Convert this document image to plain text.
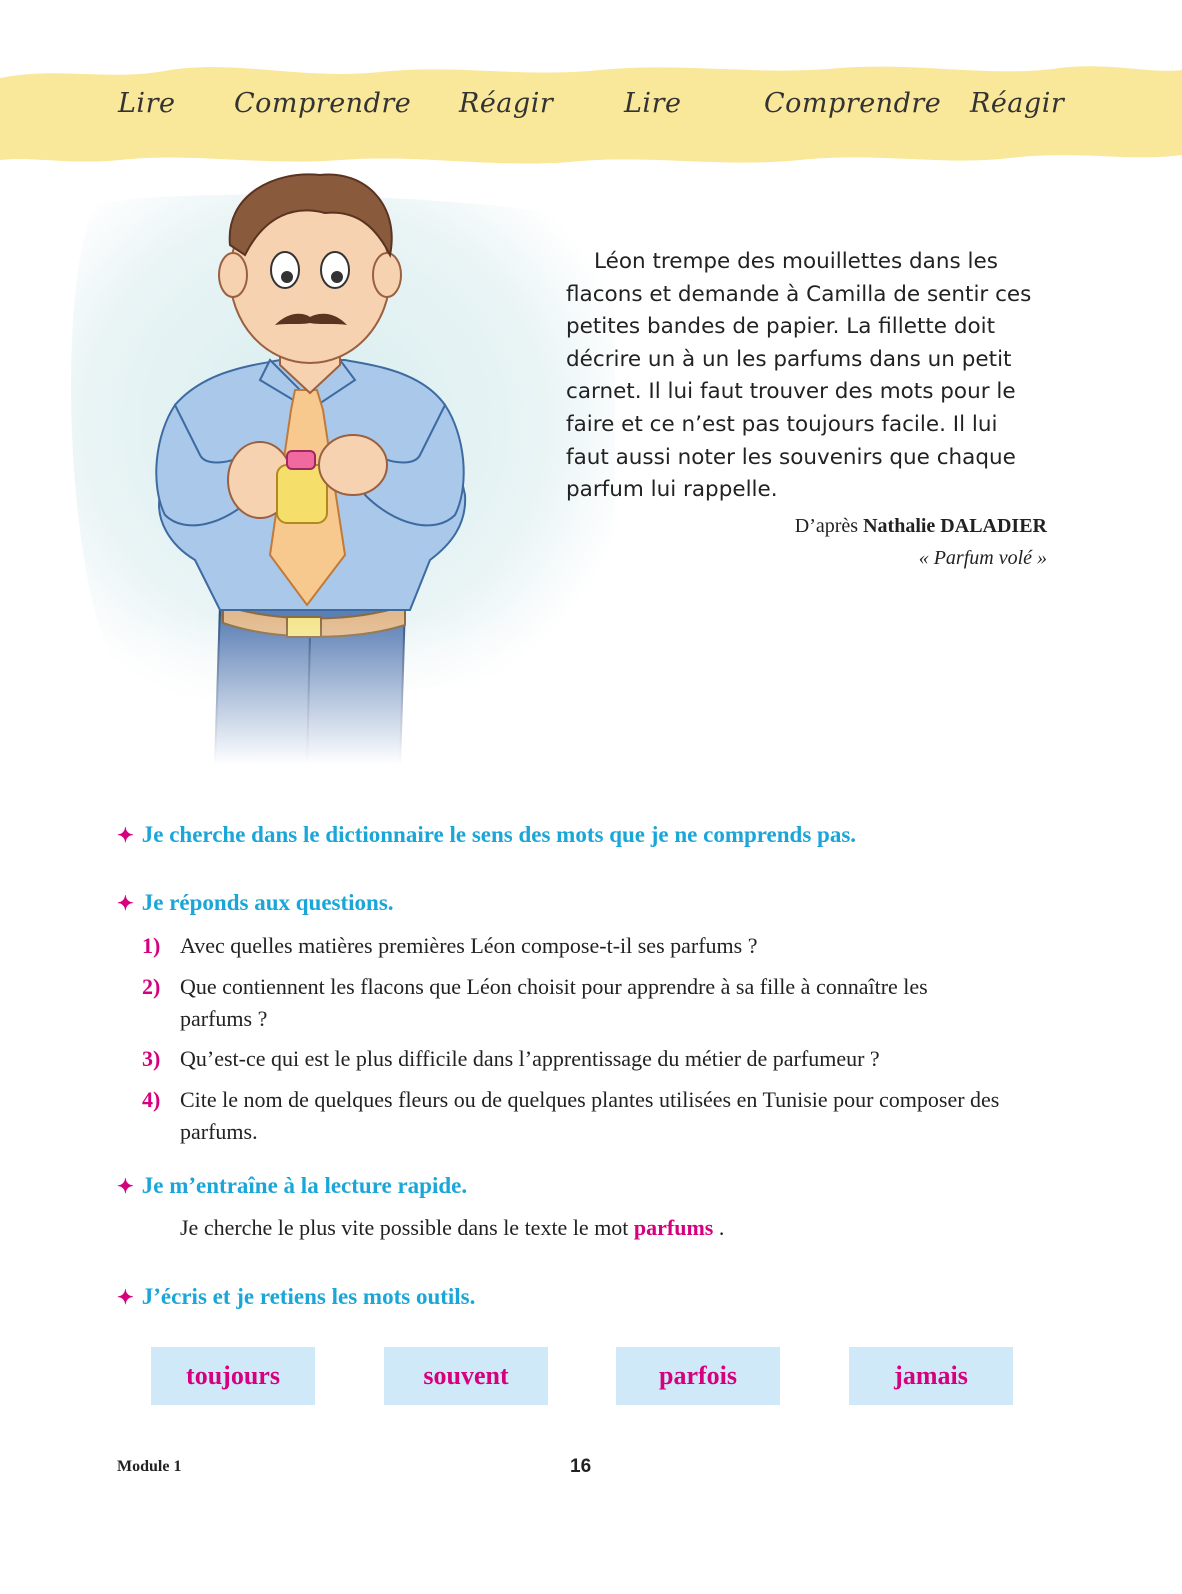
Lire Comprendre Réagir	Lire	Comprendre Réagir
Léon trempe des mouillettes dans les
flacons et demande à Camilla de sentir ces
petites bandes de papier. La fillette doit
décrire un à un les parfums dans un petit
carnet. Il lui faut trouver des mots pour le
faire et ce n’est pas toujours facile. Il lui
faut aussi noter les souvenirs que chaque
parfum lui rappelle.
D’après Nathalie DALADIER
« Parfum volé »
✦ Je cherche dans le dictionnaire le sens des mots que je ne comprends pas.
✦ Je réponds aux questions.
1) Avec quelles matières premières Léon compose-t-il ses parfums ?
2) Que contiennent les flacons que Léon choisit pour apprendre à sa fille à connaître les parfums ?
3) Qu’est-ce qui est le plus difficile dans l’apprentissage du métier de parfumeur ?
4) Cite le nom de quelques fleurs ou de quelques plantes utilisées en Tunisie pour composer des parfums.
✦ Je m’entraîne à la lecture rapide.
Je cherche le plus vite possible dans le texte le mot parfums .
✦ J’écris et je retiens les mots outils.
toujours	souvent	parfois	jamais
Module 1	16
